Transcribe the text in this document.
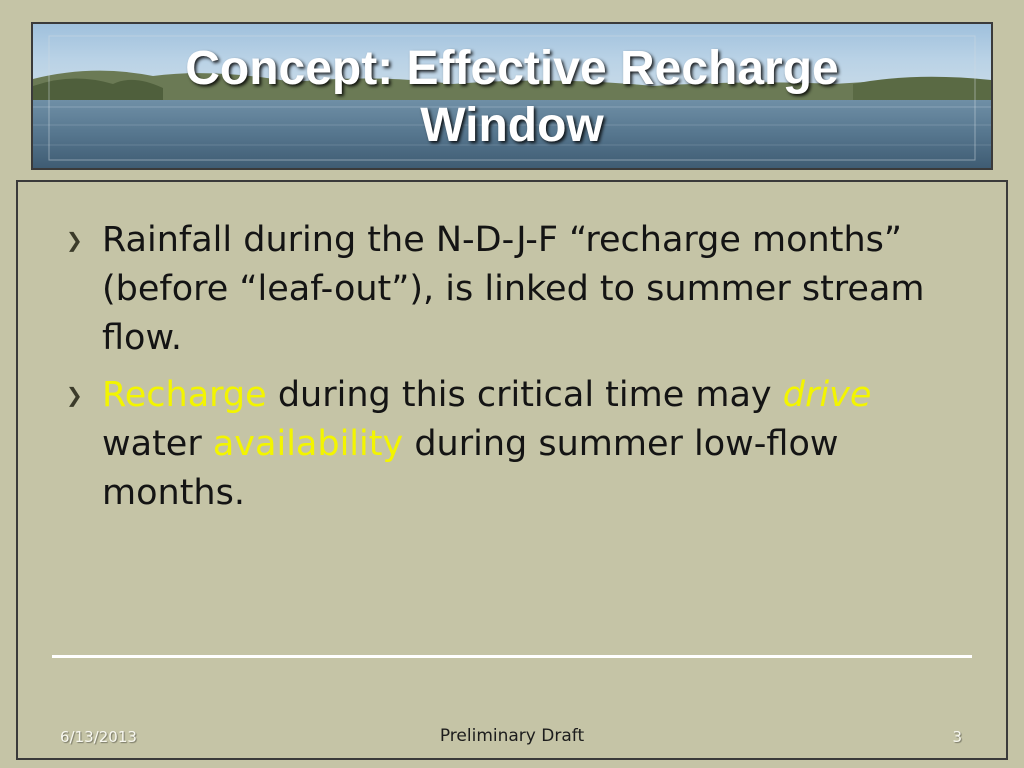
Concept: Effective Recharge Window
❯ Rainfall during the N-D-J-F “recharge months” (before “leaf-out”), is linked to summer stream flow.
❯ Recharge during this critical time may drive water availability during summer low-flow months.
6/13/2013	Preliminary Draft	3
